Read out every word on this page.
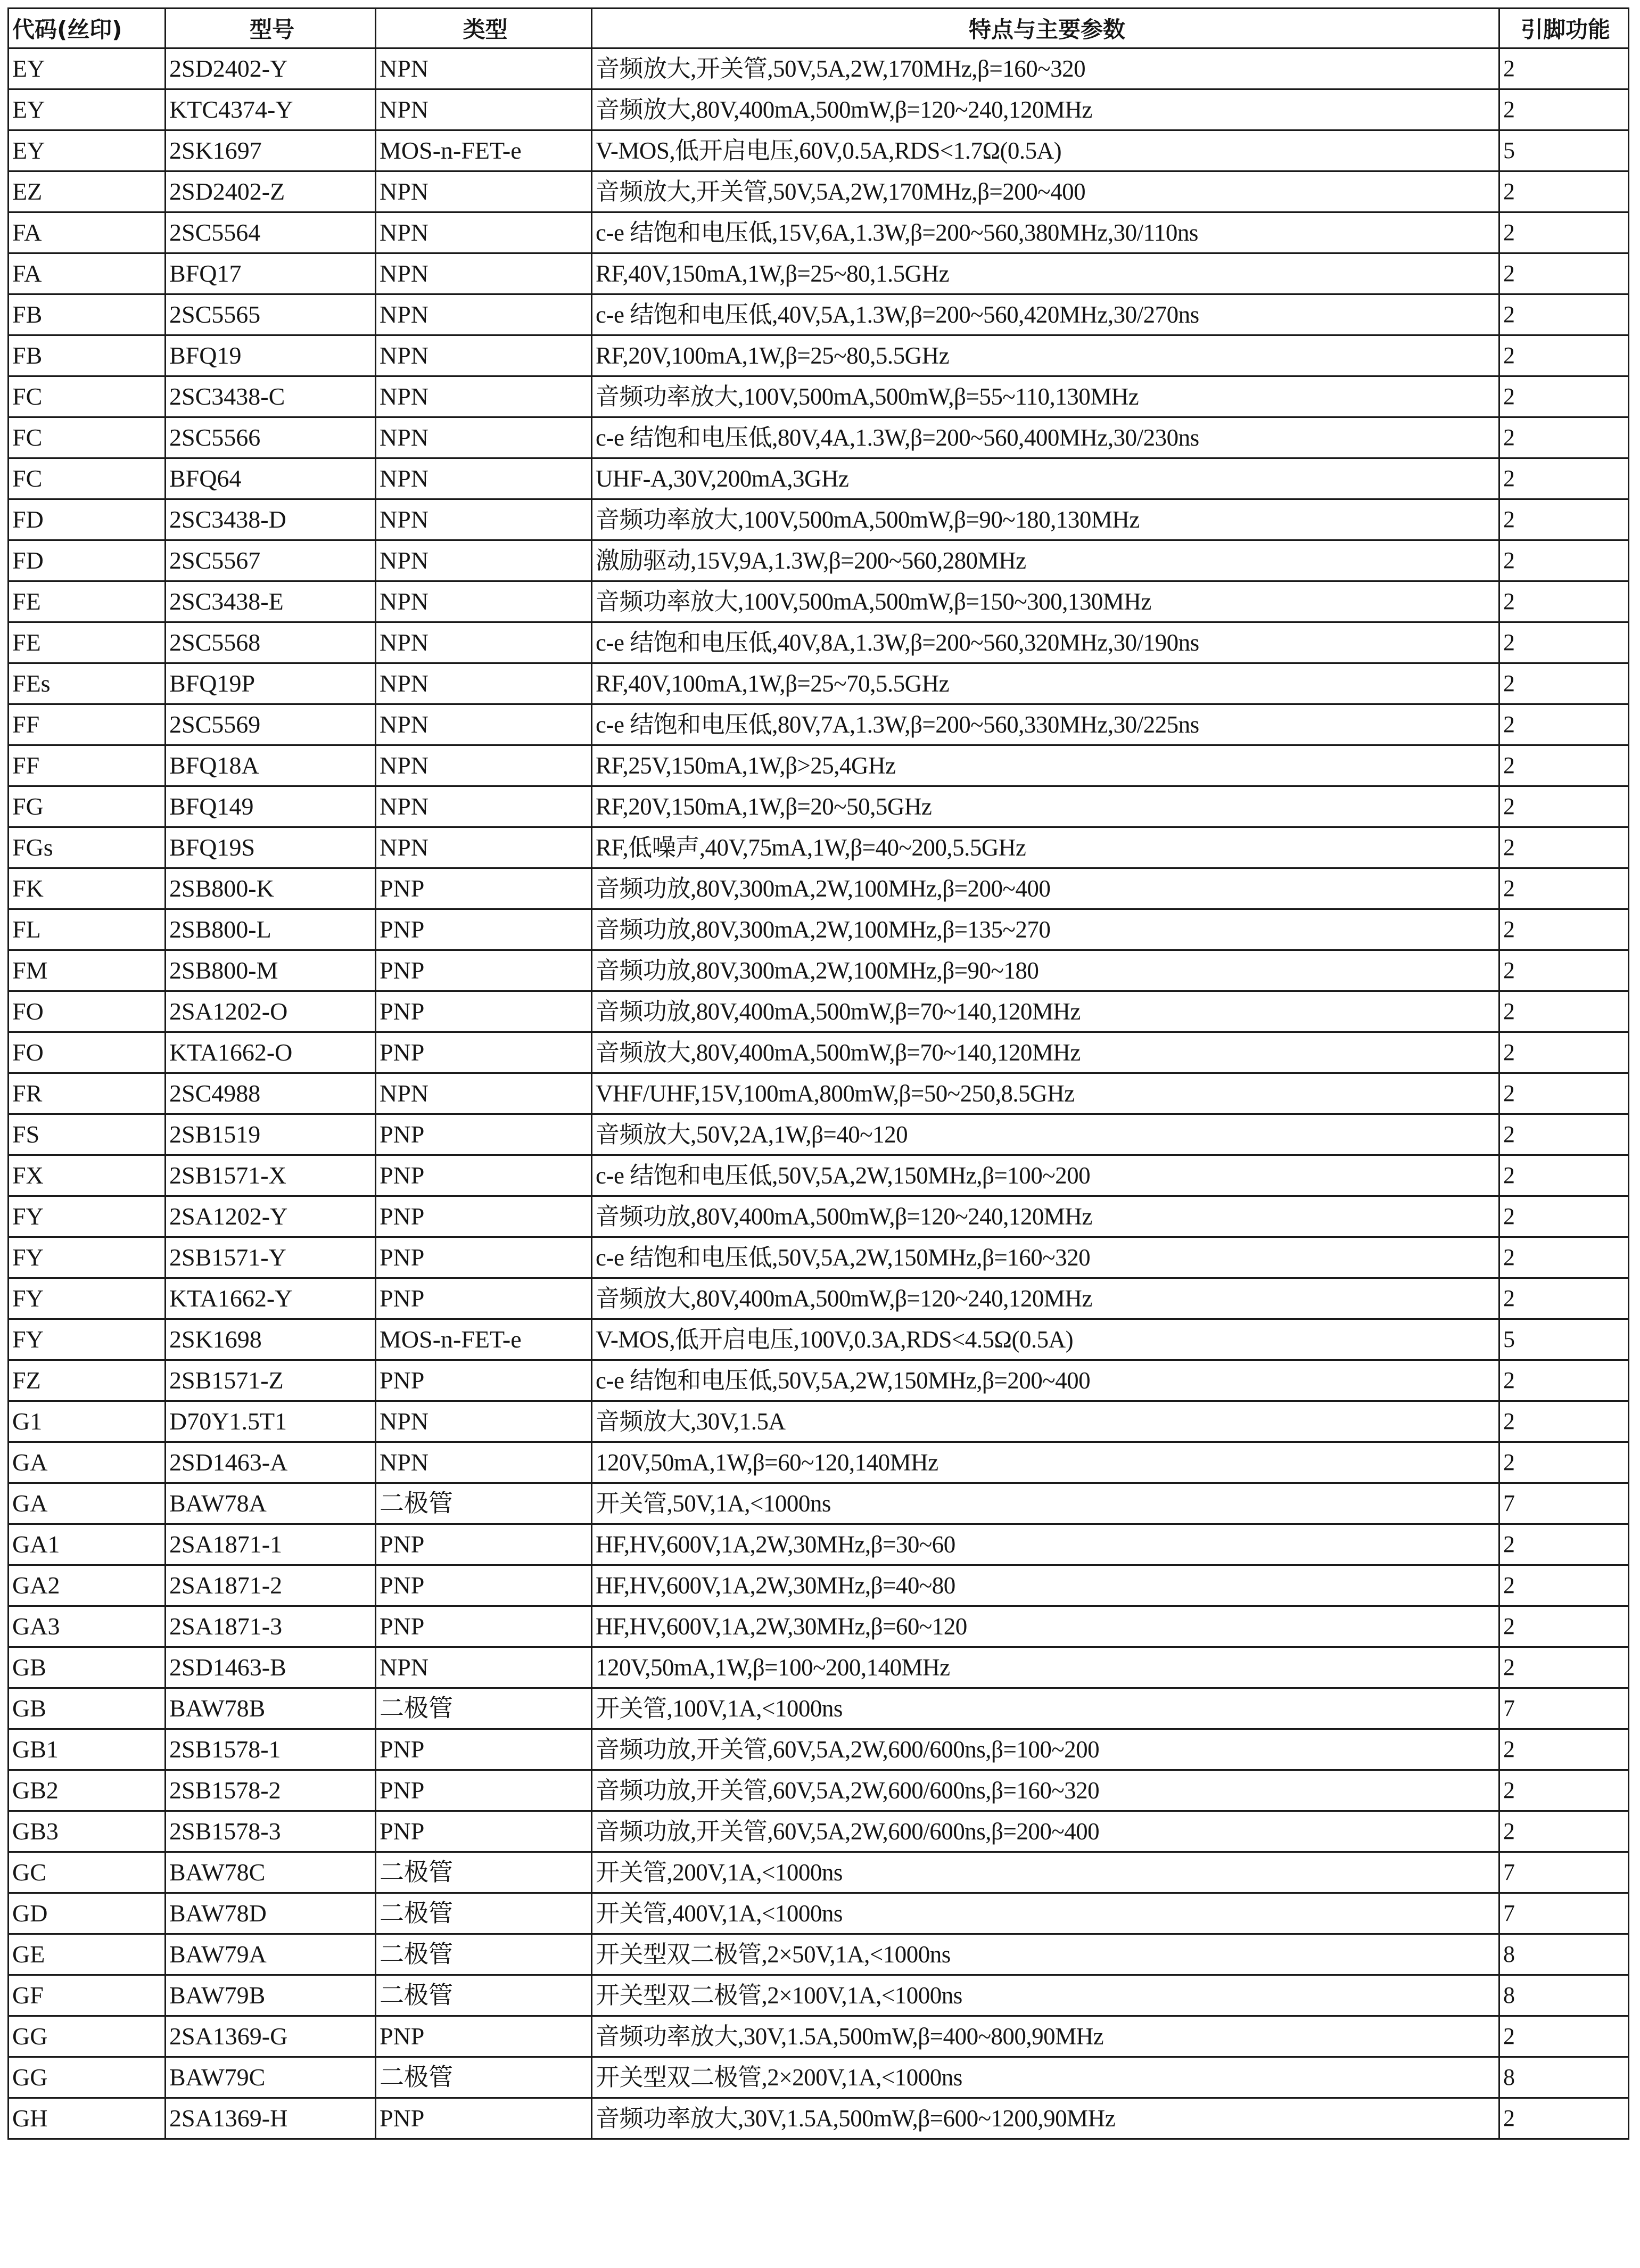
代码(丝印)	型号	类型	特点与主要参数	引脚功能
EY	2SD2402-Y	NPN	音频放大,开关管,50V,5A,2W,170MHz,β=160~320	2
EY	KTC4374-Y	NPN	音频放大,80V,400mA,500mW,β=120~240,120MHz	2
EY	2SK1697	MOS-n-FET-e	V-MOS,低开启电压,60V,0.5A,RDS<1.7Ω(0.5A)	5
EZ	2SD2402-Z	NPN	音频放大,开关管,50V,5A,2W,170MHz,β=200~400	2
FA	2SC5564	NPN	c-e 结饱和电压低,15V,6A,1.3W,β=200~560,380MHz,30/110ns	2
FA	BFQ17	NPN	RF,40V,150mA,1W,β=25~80,1.5GHz	2
FB	2SC5565	NPN	c-e 结饱和电压低,40V,5A,1.3W,β=200~560,420MHz,30/270ns	2
FB	BFQ19	NPN	RF,20V,100mA,1W,β=25~80,5.5GHz	2
FC	2SC3438-C	NPN	音频功率放大,100V,500mA,500mW,β=55~110,130MHz	2
FC	2SC5566	NPN	c-e 结饱和电压低,80V,4A,1.3W,β=200~560,400MHz,30/230ns	2
FC	BFQ64	NPN	UHF-A,30V,200mA,3GHz	2
FD	2SC3438-D	NPN	音频功率放大,100V,500mA,500mW,β=90~180,130MHz	2
FD	2SC5567	NPN	激励驱动,15V,9A,1.3W,β=200~560,280MHz	2
FE	2SC3438-E	NPN	音频功率放大,100V,500mA,500mW,β=150~300,130MHz	2
FE	2SC5568	NPN	c-e 结饱和电压低,40V,8A,1.3W,β=200~560,320MHz,30/190ns	2
FEs	BFQ19P	NPN	RF,40V,100mA,1W,β=25~70,5.5GHz	2
FF	2SC5569	NPN	c-e 结饱和电压低,80V,7A,1.3W,β=200~560,330MHz,30/225ns	2
FF	BFQ18A	NPN	RF,25V,150mA,1W,β>25,4GHz	2
FG	BFQ149	NPN	RF,20V,150mA,1W,β=20~50,5GHz	2
FGs	BFQ19S	NPN	RF,低噪声,40V,75mA,1W,β=40~200,5.5GHz	2
FK	2SB800-K	PNP	音频功放,80V,300mA,2W,100MHz,β=200~400	2
FL	2SB800-L	PNP	音频功放,80V,300mA,2W,100MHz,β=135~270	2
FM	2SB800-M	PNP	音频功放,80V,300mA,2W,100MHz,β=90~180	2
FO	2SA1202-O	PNP	音频功放,80V,400mA,500mW,β=70~140,120MHz	2
FO	KTA1662-O	PNP	音频放大,80V,400mA,500mW,β=70~140,120MHz	2
FR	2SC4988	NPN	VHF/UHF,15V,100mA,800mW,β=50~250,8.5GHz	2
FS	2SB1519	PNP	音频放大,50V,2A,1W,β=40~120	2
FX	2SB1571-X	PNP	c-e 结饱和电压低,50V,5A,2W,150MHz,β=100~200	2
FY	2SA1202-Y	PNP	音频功放,80V,400mA,500mW,β=120~240,120MHz	2
FY	2SB1571-Y	PNP	c-e 结饱和电压低,50V,5A,2W,150MHz,β=160~320	2
FY	KTA1662-Y	PNP	音频放大,80V,400mA,500mW,β=120~240,120MHz	2
FY	2SK1698	MOS-n-FET-e	V-MOS,低开启电压,100V,0.3A,RDS<4.5Ω(0.5A)	5
FZ	2SB1571-Z	PNP	c-e 结饱和电压低,50V,5A,2W,150MHz,β=200~400	2
G1	D70Y1.5T1	NPN	音频放大,30V,1.5A	2
GA	2SD1463-A	NPN	120V,50mA,1W,β=60~120,140MHz	2
GA	BAW78A	二极管	开关管,50V,1A,<1000ns	7
GA1	2SA1871-1	PNP	HF,HV,600V,1A,2W,30MHz,β=30~60	2
GA2	2SA1871-2	PNP	HF,HV,600V,1A,2W,30MHz,β=40~80	2
GA3	2SA1871-3	PNP	HF,HV,600V,1A,2W,30MHz,β=60~120	2
GB	2SD1463-B	NPN	120V,50mA,1W,β=100~200,140MHz	2
GB	BAW78B	二极管	开关管,100V,1A,<1000ns	7
GB1	2SB1578-1	PNP	音频功放,开关管,60V,5A,2W,600/600ns,β=100~200	2
GB2	2SB1578-2	PNP	音频功放,开关管,60V,5A,2W,600/600ns,β=160~320	2
GB3	2SB1578-3	PNP	音频功放,开关管,60V,5A,2W,600/600ns,β=200~400	2
GC	BAW78C	二极管	开关管,200V,1A,<1000ns	7
GD	BAW78D	二极管	开关管,400V,1A,<1000ns	7
GE	BAW79A	二极管	开关型双二极管,2×50V,1A,<1000ns	8
GF	BAW79B	二极管	开关型双二极管,2×100V,1A,<1000ns	8
GG	2SA1369-G	PNP	音频功率放大,30V,1.5A,500mW,β=400~800,90MHz	2
GG	BAW79C	二极管	开关型双二极管,2×200V,1A,<1000ns	8
GH	2SA1369-H	PNP	音频功率放大,30V,1.5A,500mW,β=600~1200,90MHz	2
